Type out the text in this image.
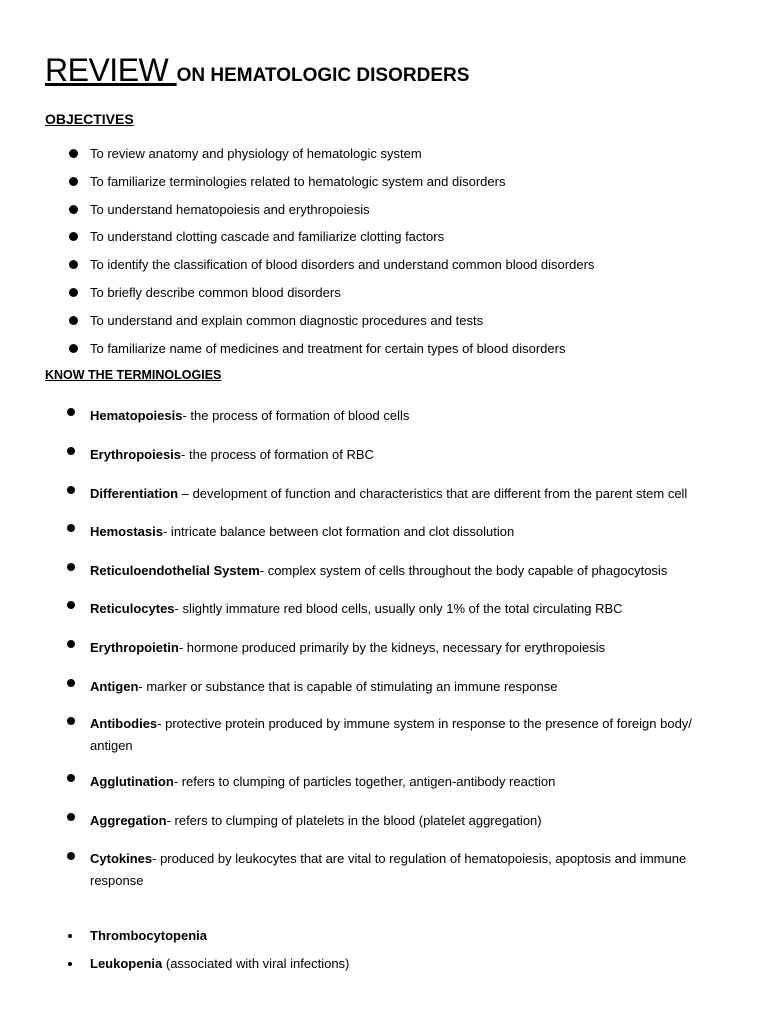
REVIEW ON HEMATOLOGIC DISORDERS
OBJECTIVES
To review anatomy and physiology of hematologic system
To familiarize terminologies related to hematologic system and disorders
To understand hematopoiesis and erythropoiesis
To understand clotting cascade and familiarize clotting factors
To identify the classification of blood disorders and understand common blood disorders
To briefly describe common blood disorders
To understand and explain common diagnostic procedures and tests
To familiarize name of medicines and treatment for certain types of blood disorders
KNOW THE TERMINOLOGIES
Hematopoiesis- the process of formation of blood cells
Erythropoiesis- the process of formation of RBC
Differentiation – development of function and characteristics that are different from the parent stem cell
Hemostasis- intricate balance between clot formation and clot dissolution
Reticuloendothelial System- complex system of cells throughout the body capable of phagocytosis
Reticulocytes- slightly immature red blood cells, usually only 1% of the total circulating RBC
Erythropoietin- hormone produced primarily by the kidneys, necessary for erythropoiesis
Antigen- marker or substance that is capable of stimulating an immune response
Antibodies- protective protein produced by immune system in response to the presence of foreign body/ antigen
Agglutination- refers to clumping of particles together, antigen-antibody reaction
Aggregation- refers to clumping of platelets in the blood (platelet aggregation)
Cytokines- produced by leukocytes that are vital to regulation of hematopoiesis, apoptosis and immune response
Thrombocytopenia
Leukopenia (associated with viral infections)
